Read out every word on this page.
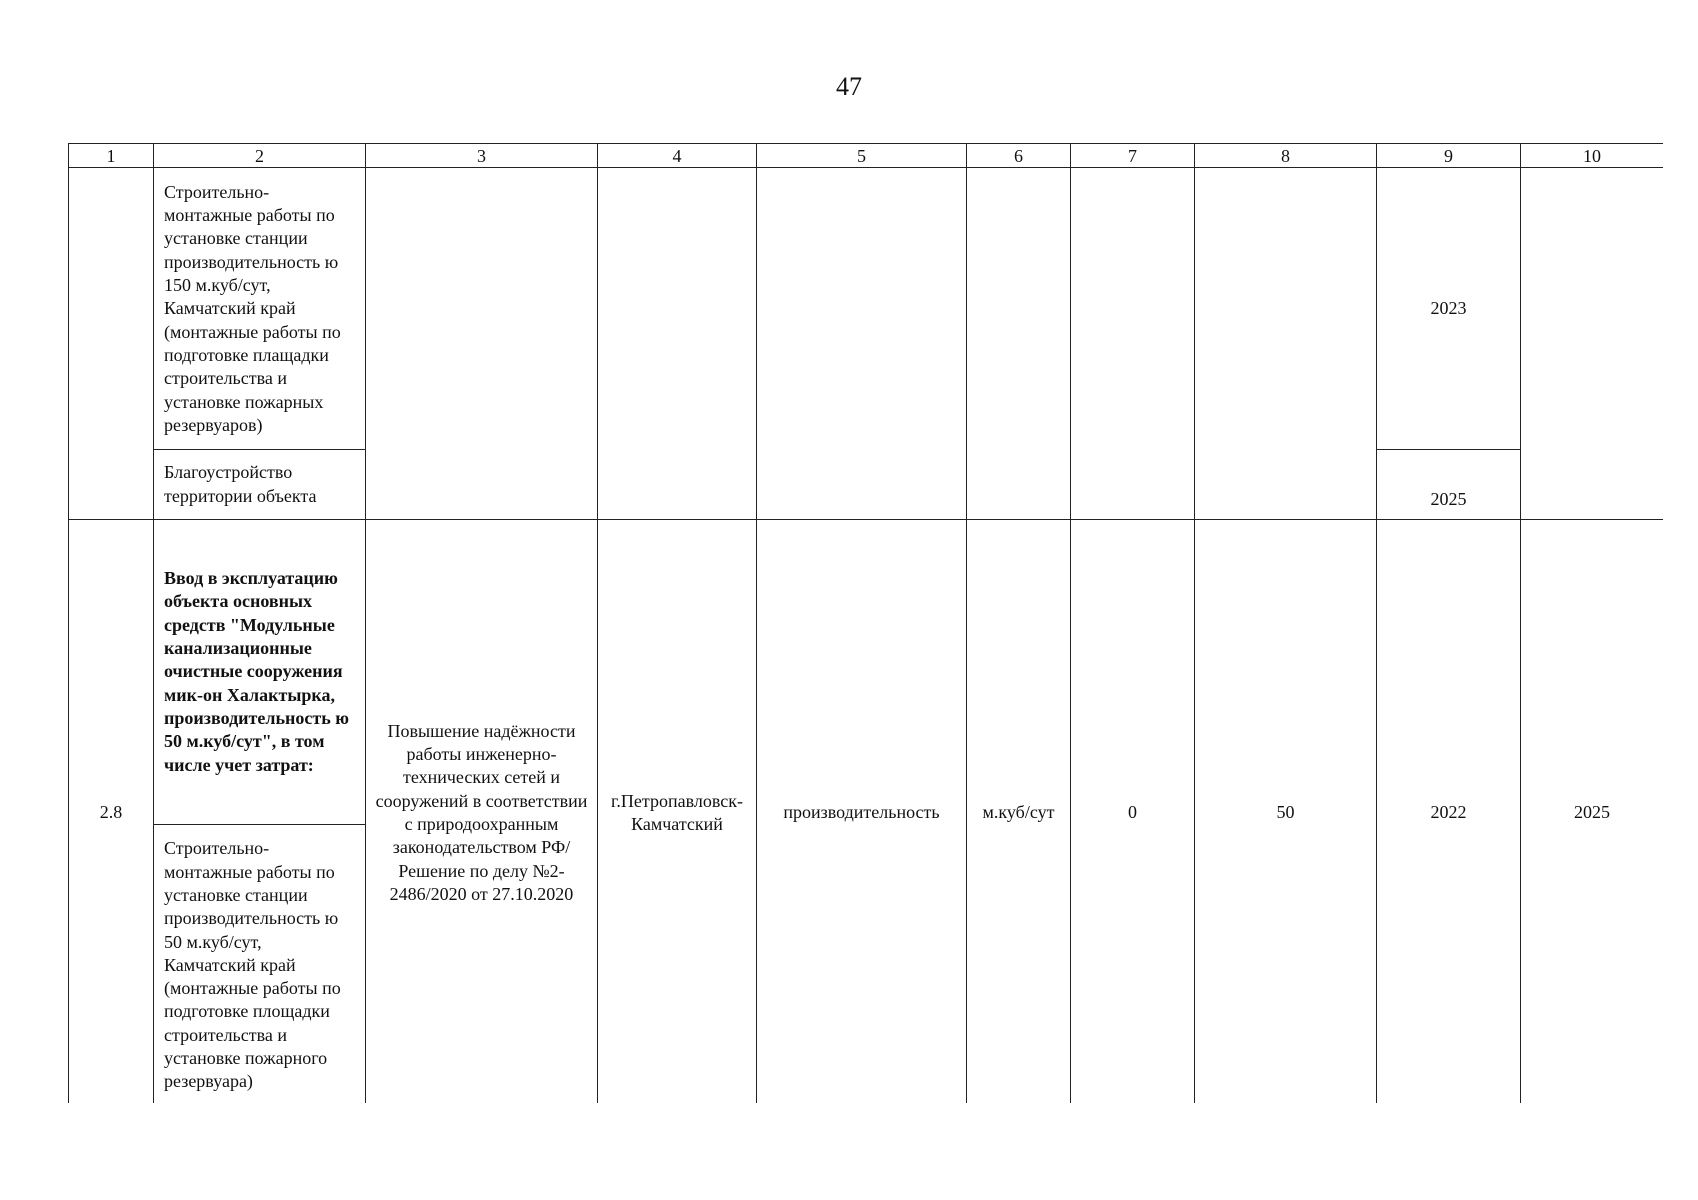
47
1	2	3	4	5	6	7	8	9	10
	Строительно-монтажные работы по установке станции производительность ю 150 м.куб/сут, Камчатский край (монтажные работы по подготовке плащадки строительства и установке пожарных резервуаров)							2023	
	Благоустройство территории объекта							2025	
2.8	Ввод в эксплуатацию объекта основных средств "Модульные канализационные очистные сооружения мик-он Халактырка, производительность ю 50 м.куб/сут", в том числе учет затрат:	Повышение надёжности работы инженерно-технических сетей и сооружений в соответствии с природоохранным законодательством РФ/Решение по делу №2-2486/2020 от 27.10.2020	г.Петропавловск-Камчатский	производительность	м.куб/сут	0	50	2022	2025
	Строительно-монтажные работы по установке станции производительность ю 50 м.куб/сут, Камчатский край (монтажные работы по подготовке площадки строительства и установке пожарного резервуара)								
